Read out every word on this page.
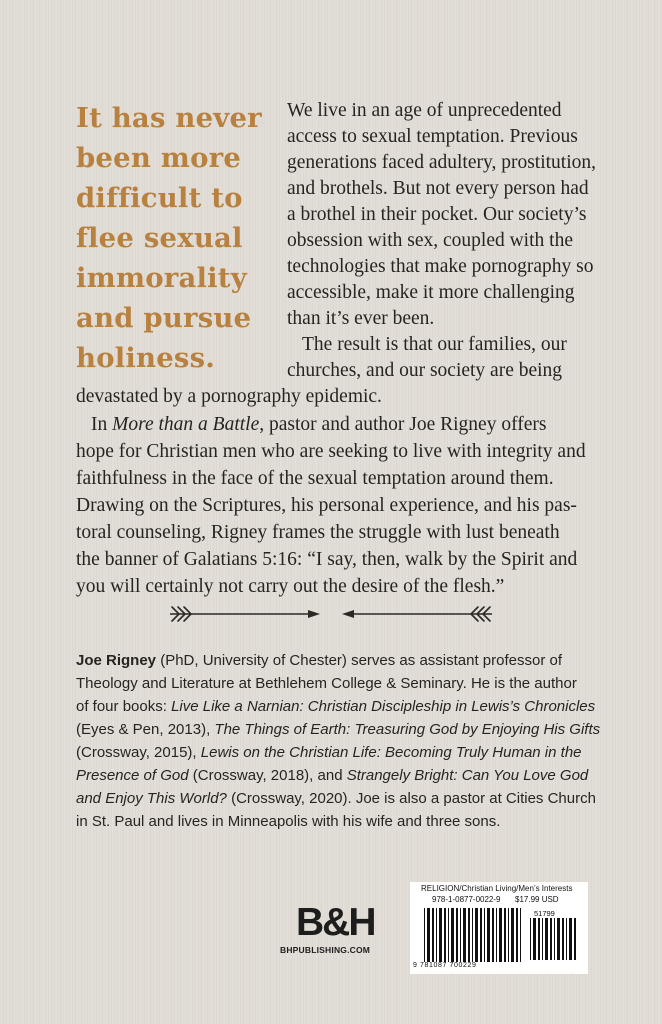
It has never
been more
difficult to
flee sexual
immorality
and pursue
holiness.

We live in an age of unprecedented

access to sexual temptation. Previous

generations faced adultery, prostitution,

and brothels. But not every person had

a brothel in their pocket. Our society’s

obsession with sex, coupled with the

technologies that make pornography so

accessible, make it more challenging

than it’s ever been.

The result is that our families, our

churches, and our society are being

devastated by a pornography epidemic.

In More than a Battle, pastor and author Joe Rigney offers

hope for Christian men who are seeking to live with integrity and

faithfulness in the face of the sexual temptation around them.

Drawing on the Scriptures, his personal experience, and his pas-

toral counseling, Rigney frames the struggle with lust beneath

the banner of Galatians 5:16: “I say, then, walk by the Spirit and

you will certainly not carry out the desire of the flesh.”

Joe Rigney (PhD, University of Chester) serves as assistant professor of

Theology and Literature at Bethlehem College & Seminary. He is the author

of four books: Live Like a Narnian: Christian Discipleship in Lewis’s Chronicles

(Eyes & Pen, 2013), The Things of Earth: Treasuring God by Enjoying His Gifts

(Crossway, 2015), Lewis on the Christian Life: Becoming Truly Human in the

Presence of God (Crossway, 2018), and Strangely Bright: Can You Love God

and Enjoy This World? (Crossway, 2020). Joe is also a pastor at Cities Church

in St. Paul and lives in Minneapolis with his wife and three sons.

B&H
BHPUBLISHING.COM
RELIGION/Christian Living/Men’s Interests
978-1-0877-0022-9 $17.99 USD
51799
9 781087 700229
